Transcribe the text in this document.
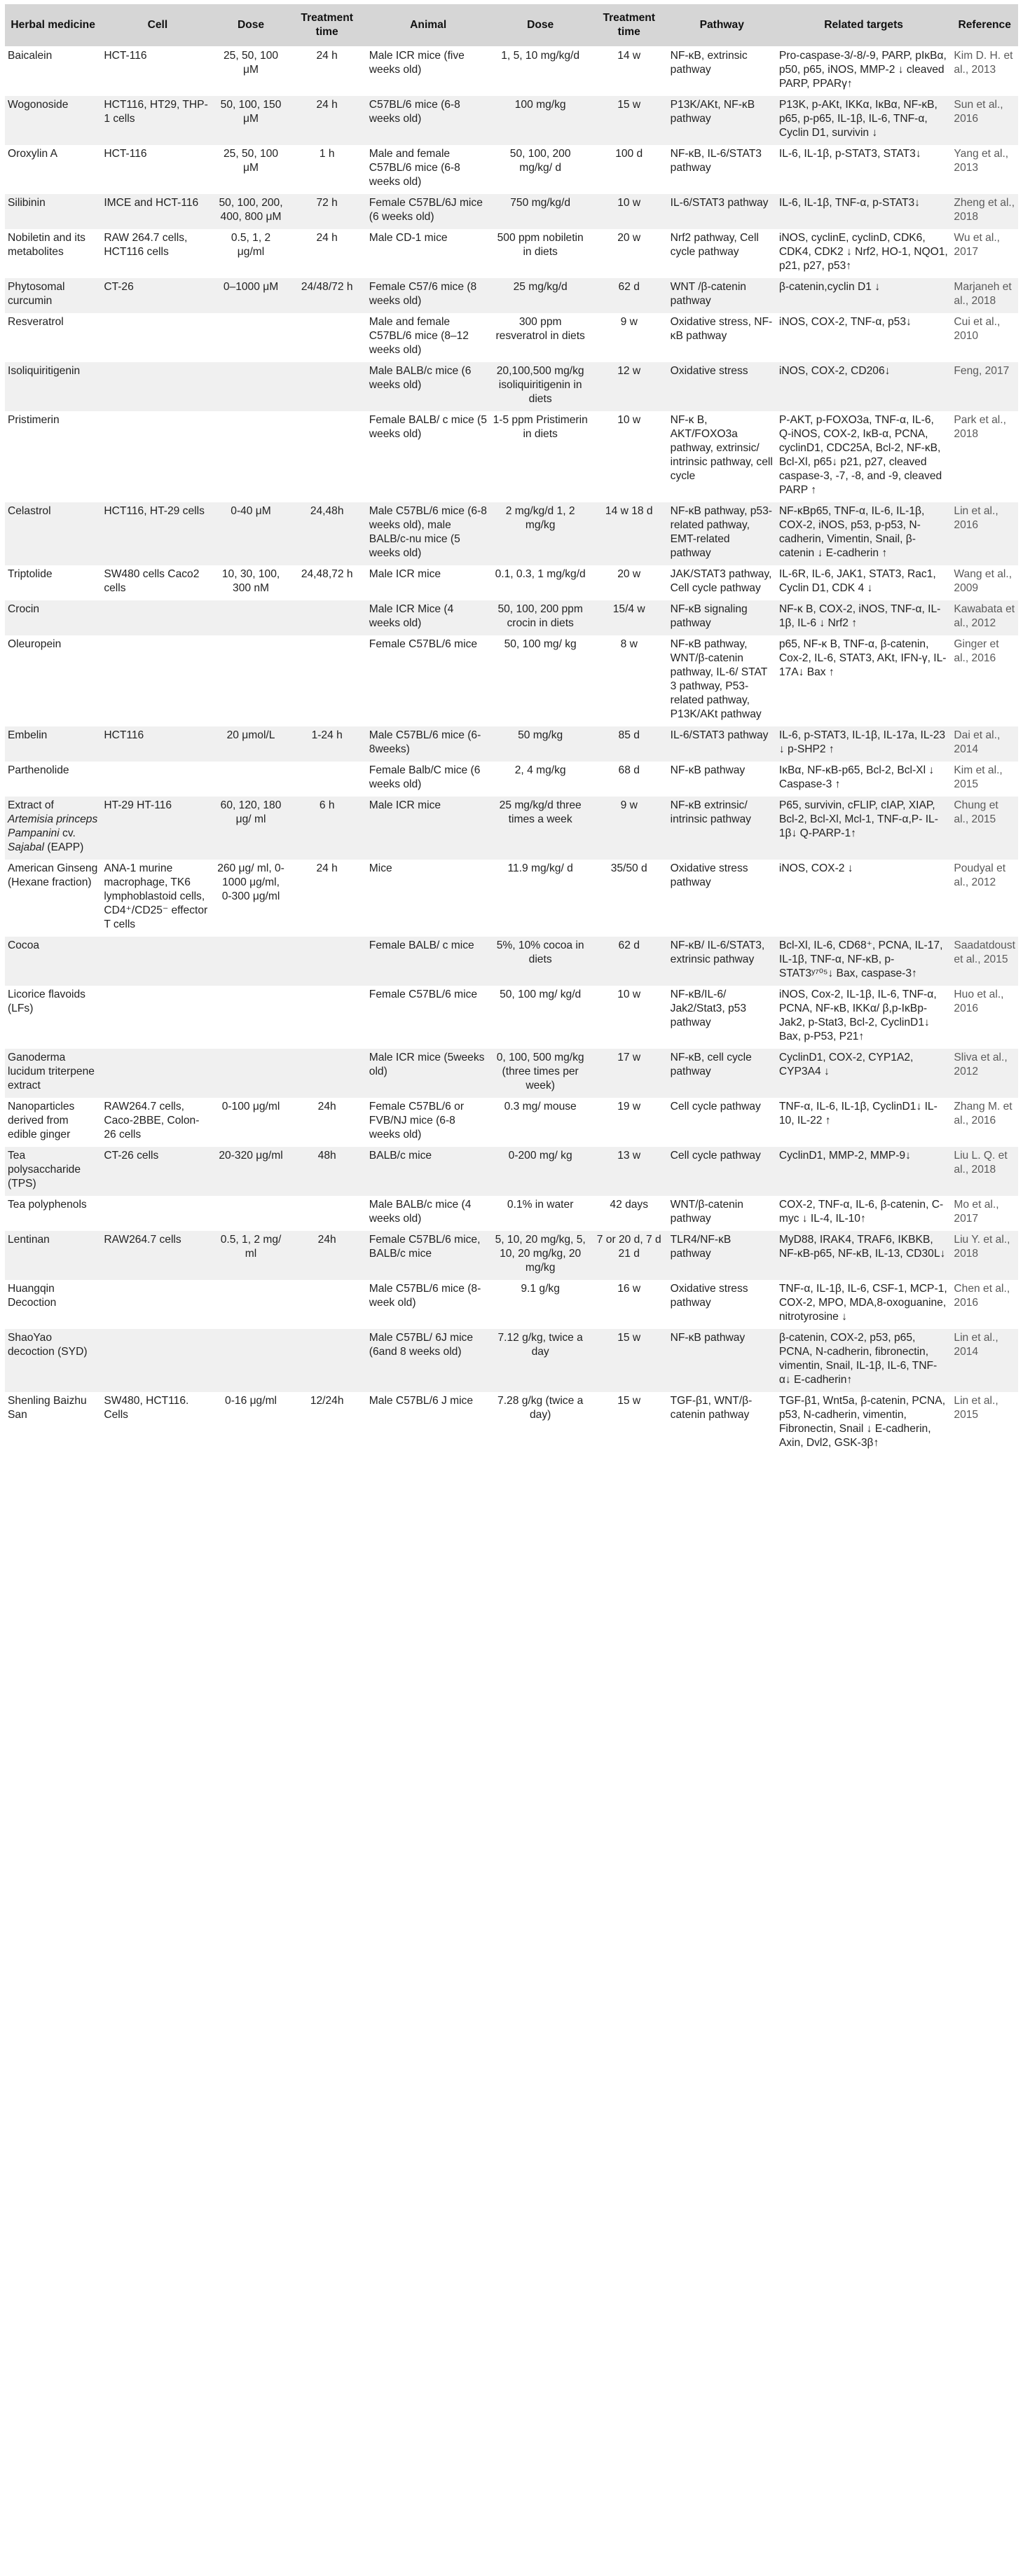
Herbal medicine	Cell	Dose	Treatment time	Animal	Dose	Treatment time	Pathway	Related targets	Reference
Baicalein	HCT-116	25, 50, 100 μM	24 h	Male ICR mice (five weeks old)	1, 5, 10 mg/kg/d	14 w	NF-κB, extrinsic pathway	Pro-caspase-3/-8/-9, PARP, pIκBα, p50, p65, iNOS, MMP-2 ↓ cleaved PARP, PPARγ↑	Kim D. H. et al., 2013
Wogonoside	HCT116, HT29, THP-1 cells	50, 100, 150 μM	24 h	C57BL/6 mice (6-8 weeks old)	100 mg/kg	15 w	P13K/AKt, NF-κB pathway	P13K, p-AKt, IKKα, IκBα, NF-κB, p65, p-p65, IL-1β, IL-6, TNF-α, Cyclin D1, survivin ↓	Sun et al., 2016
Oroxylin A	HCT-116	25, 50, 100 μM	1 h	Male and female C57BL/6 mice (6-8 weeks old)	50, 100, 200 mg/kg/ d	100 d	NF-κB, IL-6/STAT3 pathway	IL-6, IL-1β, p-STAT3, STAT3↓	Yang et al., 2013
Silibinin	IMCE and HCT-116	50, 100, 200, 400, 800 μM	72 h	Female C57BL/6J mice (6 weeks old)	750 mg/kg/d	10 w	IL-6/STAT3 pathway	IL-6, IL-1β, TNF-α, p-STAT3↓	Zheng et al., 2018
Nobiletin and its metabolites	RAW 264.7 cells, HCT116 cells	0.5, 1, 2 μg/ml	24 h	Male CD-1 mice	500 ppm nobiletin in diets	20 w	Nrf2 pathway, Cell cycle pathway	iNOS, cyclinE, cyclinD, CDK6, CDK4, CDK2 ↓ Nrf2, HO-1, NQO1, p21, p27, p53↑	Wu et al., 2017
Phytosomal curcumin	CT-26	0–1000 μM	24/48/72 h	Female C57/6 mice (8 weeks old)	25 mg/kg/d	62 d	WNT /β-catenin pathway	β-catenin,cyclin D1 ↓	Marjaneh et al., 2018
Resveratrol				Male and female C57BL/6 mice (8–12 weeks old)	300 ppm resveratrol in diets	9 w	Oxidative stress, NF-κB pathway	iNOS, COX-2, TNF-α, p53↓	Cui et al., 2010
Isoliquiritigenin				Male BALB/c mice (6 weeks old)	20,100,500 mg/kg isoliquiritigenin in diets	12 w	Oxidative stress	iNOS, COX-2, CD206↓	Feng, 2017
Pristimerin				Female BALB/ c mice (5 weeks old)	1-5 ppm Pristimerin in diets	10 w	NF-κ B, AKT/FOXO3a pathway, extrinsic/ intrinsic pathway, cell cycle	P-AKT, p-FOXO3a, TNF-α, IL-6, Q-iNOS, COX-2, IκB-α, PCNA, cyclinD1, CDC25A, Bcl-2, NF-κB, Bcl-Xl, p65↓ p21, p27, cleaved caspase-3, -7, -8, and -9, cleaved PARP ↑	Park et al., 2018
Celastrol	HCT116, HT-29 cells	0-40 μM	24,48h	Male C57BL/6 mice (6-8 weeks old), male BALB/c-nu mice (5 weeks old)	2 mg/kg/d 1, 2 mg/kg	14 w 18 d	NF-κB pathway, p53-related pathway, EMT-related pathway	NF-κBp65, TNF-α, IL-6, IL-1β, COX-2, iNOS, p53, p-p53, N-cadherin, Vimentin, Snail, β-catenin ↓ E-cadherin ↑	Lin et al., 2016
Triptolide	SW480 cells Caco2 cells	10, 30, 100, 300 nM	24,48,72 h	Male ICR mice	0.1, 0.3, 1 mg/kg/d	20 w	JAK/STAT3 pathway, Cell cycle pathway	IL-6R, IL-6, JAK1, STAT3, Rac1, Cyclin D1, CDK 4 ↓	Wang et al., 2009
Crocin				Male ICR Mice (4 weeks old)	50, 100, 200 ppm crocin in diets	15/4 w	NF-κB signaling pathway	NF-κ B, COX-2, iNOS, TNF-α, IL-1β, IL-6 ↓ Nrf2 ↑	Kawabata et al., 2012
Oleuropein				Female C57BL/6 mice	50, 100 mg/ kg	8 w	NF-κB pathway, WNT/β-catenin pathway, IL-6/ STAT 3 pathway, P53-related pathway, P13K/AKt pathway	p65, NF-κ B, TNF-α, β-catenin, Cox-2, IL-6, STAT3, AKt, IFN-γ, IL-17A↓ Bax ↑	Ginger et al., 2016
Embelin	HCT116	20 μmol/L	1-24 h	Male C57BL/6 mice (6-8weeks)	50 mg/kg	85 d	IL-6/STAT3 pathway	IL-6, p-STAT3, IL-1β, IL-17a, IL-23 ↓ p-SHP2 ↑	Dai et al., 2014
Parthenolide				Female Balb/C mice (6 weeks old)	2, 4 mg/kg	68 d	NF-κB pathway	IκBα, NF-κB-p65, Bcl-2, Bcl-Xl ↓ Caspase-3 ↑	Kim et al., 2015
Extract of Artemisia princeps Pampanini cv. Sajabal (EAPP)	HT-29 HT-116	60, 120, 180 μg/ ml	6 h	Male ICR mice	25 mg/kg/d three times a week	9 w	NF-κB extrinsic/ intrinsic pathway	P65, survivin, cFLIP, cIAP, XIAP, Bcl-2, Bcl-Xl, Mcl-1, TNF-α,P- IL-1β↓ Q-PARP-1↑	Chung et al., 2015
American Ginseng (Hexane fraction)	ANA-1 murine macrophage, TK6 lymphoblastoid cells, CD4⁺/CD25⁻ effector T cells	260 μg/ ml, 0- 1000 μg/ml, 0-300 μg/ml	24 h	Mice	11.9 mg/kg/ d	35/50 d	Oxidative stress pathway	iNOS, COX-2 ↓	Poudyal et al., 2012
Cocoa				Female BALB/ c mice	5%, 10% cocoa in diets	62 d	NF-κB/ IL-6/STAT3, extrinsic pathway	Bcl-Xl, IL-6, CD68⁺, PCNA, IL-17, IL-1β, TNF-α, NF-κB, p-STAT3ʸ⁷⁰⁵↓ Bax, caspase-3↑	Saadatdoust et al., 2015
Licorice flavoids (LFs)				Female C57BL/6 mice	50, 100 mg/ kg/d	10 w	NF-κB/IL-6/ Jak2/Stat3, p53 pathway	iNOS, Cox-2, IL-1β, IL-6, TNF-α, PCNA, NF-κB, IKKα/ β,p-IκBp-Jak2, p-Stat3, Bcl-2, CyclinD1↓ Bax, p-P53, P21↑	Huo et al., 2016
Ganoderma lucidum triterpene extract				Male ICR mice (5weeks old)	0, 100, 500 mg/kg (three times per week)	17 w	NF-κB, cell cycle pathway	CyclinD1, COX-2, CYP1A2, CYP3A4 ↓	Sliva et al., 2012
Nanoparticles derived from edible ginger	RAW264.7 cells, Caco-2BBE, Colon-26 cells	0-100 μg/ml	24h	Female C57BL/6 or FVB/NJ mice (6-8 weeks old)	0.3 mg/ mouse	19 w	Cell cycle pathway	TNF-α, IL-6, IL-1β, CyclinD1↓ IL-10, IL-22 ↑	Zhang M. et al., 2016
Tea polysaccharide (TPS)	CT-26 cells	20-320 μg/ml	48h	BALB/c mice	0-200 mg/ kg	13 w	Cell cycle pathway	CyclinD1, MMP-2, MMP-9↓	Liu L. Q. et al., 2018
Tea polyphenols				Male BALB/c mice (4 weeks old)	0.1% in water	42 days	WNT/β-catenin pathway	COX-2, TNF-α, IL-6, β-catenin, C-myc ↓ IL-4, IL-10↑	Mo et al., 2017
Lentinan	RAW264.7 cells	0.5, 1, 2 mg/ ml	24h	Female C57BL/6 mice, BALB/c mice	5, 10, 20 mg/kg, 5, 10, 20 mg/kg, 20 mg/kg	7 or 20 d, 7 d 21 d	TLR4/NF-κB pathway	MyD88, IRAK4, TRAF6, IKBKB, NF-κB-p65, NF-κB, IL-13, CD30L↓	Liu Y. et al., 2018
Huangqin Decoction				Male C57BL/6 mice (8-week old)	9.1 g/kg	16 w	Oxidative stress pathway	TNF-α, IL-1β, IL-6, CSF-1, MCP-1, COX-2, MPO, MDA,8-oxoguanine, nitrotyrosine ↓	Chen et al., 2016
ShaoYao decoction (SYD)				Male C57BL/ 6J mice (6and 8 weeks old)	7.12 g/kg, twice a day	15 w	NF-κB pathway	β-catenin, COX-2, p53, p65, PCNA, N-cadherin, fibronectin, vimentin, Snail, IL-1β, IL-6, TNF-α↓ E-cadherin↑	Lin et al., 2014
Shenling Baizhu San	SW480, HCT116. Cells	0-16 μg/ml	12/24h	Male C57BL/6 J mice	7.28 g/kg (twice a day)	15 w	TGF-β1, WNT/β-catenin pathway	TGF-β1, Wnt5a, β-catenin, PCNA, p53, N-cadherin, vimentin, Fibronectin, Snail ↓ E-cadherin, Axin, Dvl2, GSK-3β↑	Lin et al., 2015
